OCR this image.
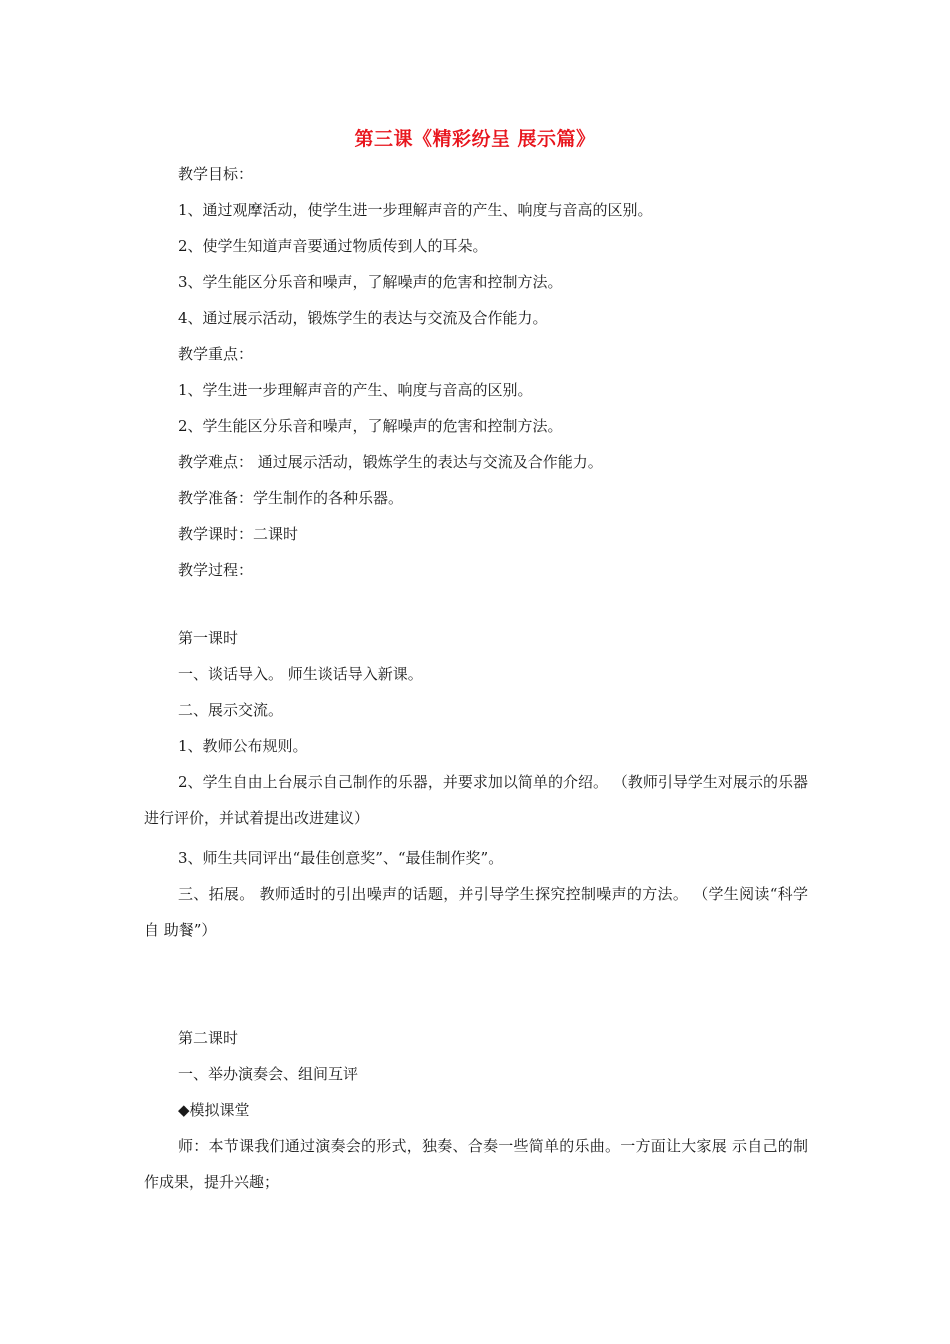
第三课《精彩纷呈 展示篇》
教学目标：
1、通过观摩活动，使学生进一步理解声音的产生、响度与音高的区别。
2、使学生知道声音要通过物质传到人的耳朵。
3、学生能区分乐音和噪声，了解噪声的危害和控制方法。
4、通过展示活动，锻炼学生的表达与交流及合作能力。
教学重点：
1、学生进一步理解声音的产生、响度与音高的区别。
2、学生能区分乐音和噪声，了解噪声的危害和控制方法。
教学难点： 通过展示活动，锻炼学生的表达与交流及合作能力。
教学准备：学生制作的各种乐器。
教学课时：二课时
教学过程：
第一课时
一、谈话导入。 师生谈话导入新课。
二、展示交流。
1、教师公布规则。
2、学生自由上台展示自己制作的乐器，并要求加以简单的介绍。 （教师引导学生对展示的乐器进行评价，并试着提出改进建议）
3、师生共同评出“最佳创意奖”、“最佳制作奖”。
三、拓展。 教师适时的引出噪声的话题，并引导学生探究控制噪声的方法。 （学生阅读“科学自 助餐”）
第二课时
一、举办演奏会、组间互评
◆模拟课堂
师：本节课我们通过演奏会的形式，独奏、合奏一些简单的乐曲。一方面让大家展 示自己的制作成果，提升兴趣；
